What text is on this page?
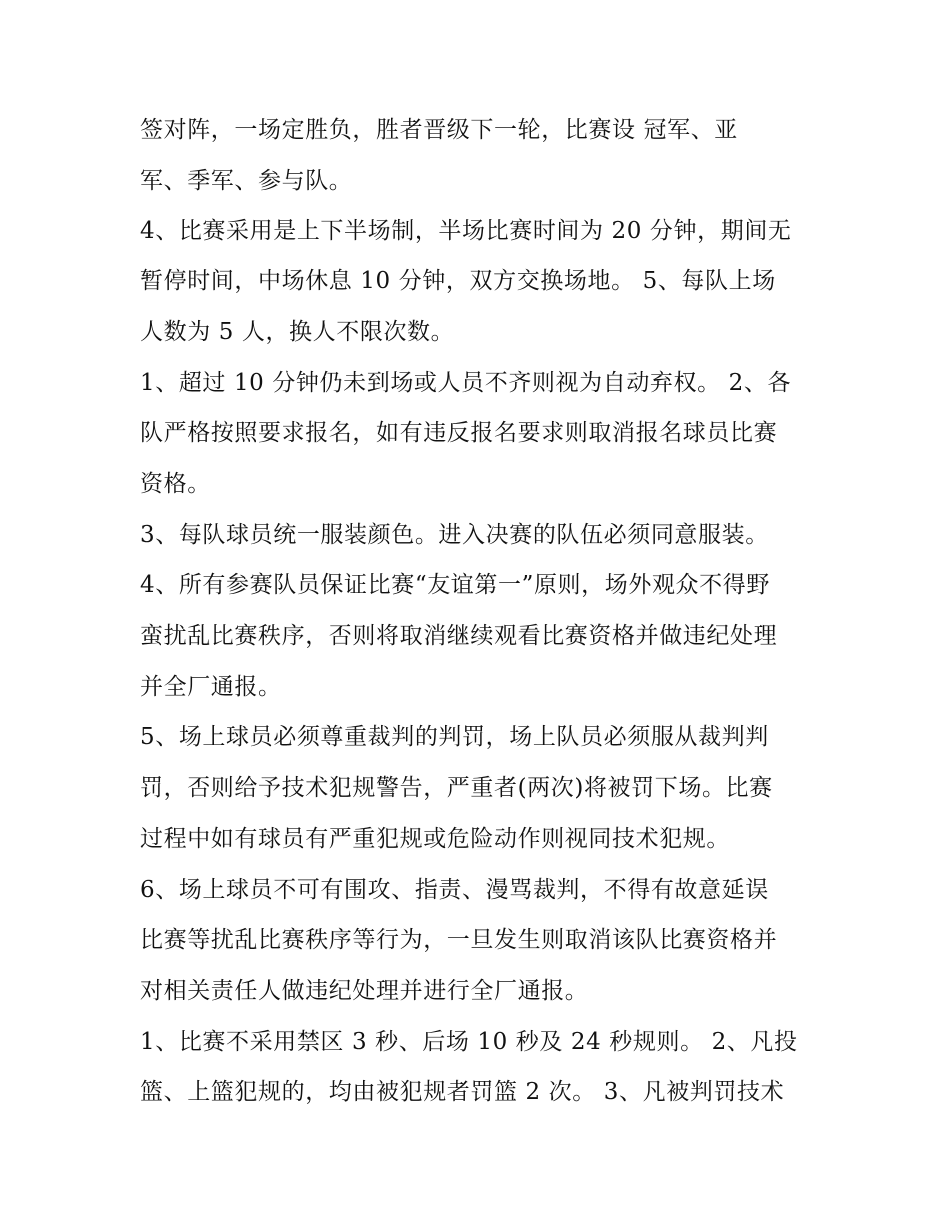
签对阵，一场定胜负，胜者晋级下一轮，比赛设 冠军、亚
军、季军、参与队。
4、比赛采用是上下半场制，半场比赛时间为 20 分钟，期间无
暂停时间，中场休息 10 分钟，双方交换场地。 5、每队上场
人数为 5 人，换人不限次数。
1、超过 10 分钟仍未到场或人员不齐则视为自动弃权。 2、各
队严格按照要求报名，如有违反报名要求则取消报名球员比赛
资格。
3、每队球员统一服装颜色。进入决赛的队伍必须同意服装。
4、所有参赛队员保证比赛“友谊第一”原则，场外观众不得野
蛮扰乱比赛秩序，否则将取消继续观看比赛资格并做违纪处理
并全厂通报。
5、场上球员必须尊重裁判的判罚，场上队员必须服从裁判判
罚，否则给予技术犯规警告，严重者(两次)将被罚下场。比赛
过程中如有球员有严重犯规或危险动作则视同技术犯规。
6、场上球员不可有围攻、指责、漫骂裁判，不得有故意延误
比赛等扰乱比赛秩序等行为，一旦发生则取消该队比赛资格并
对相关责任人做违纪处理并进行全厂通报。
1、比赛不采用禁区 3 秒、后场 10 秒及 24 秒规则。 2、凡投
篮、上篮犯规的，均由被犯规者罚篮 2 次。 3、凡被判罚技术
